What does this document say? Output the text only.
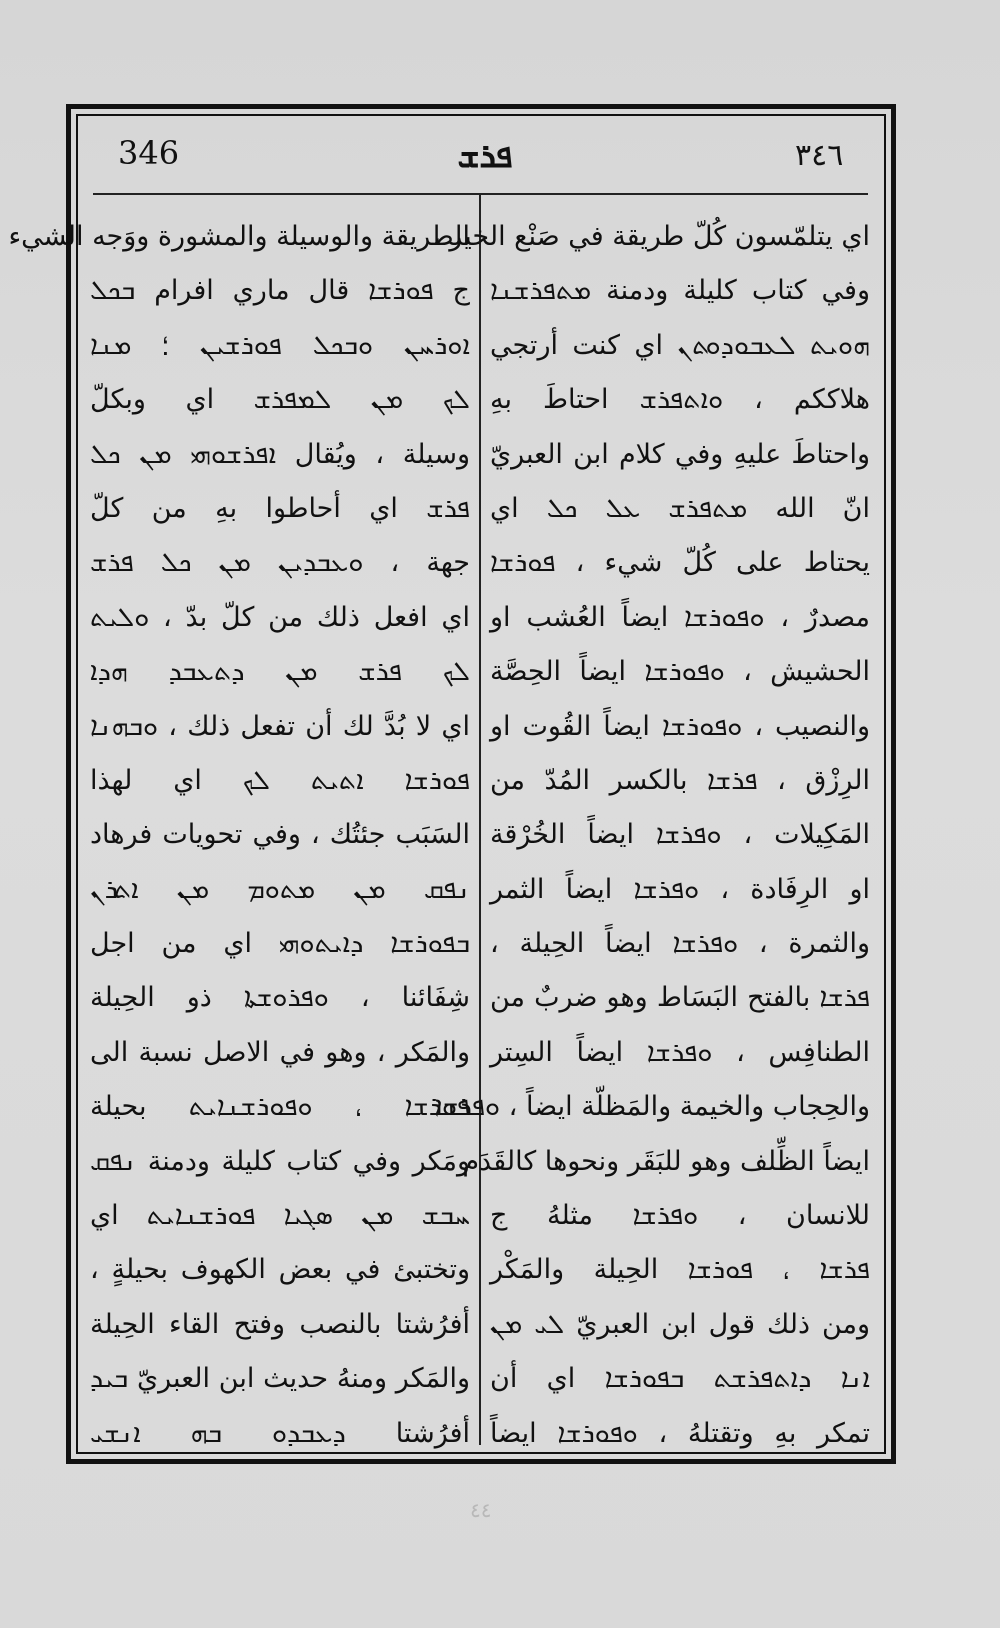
346	ܦܪܫ	٣٤٦
اي يتلمّسون كُلّ طريقة في صَنْع الخير ،
وفي كتاب كليلة ودمنة ܡܬܦܪܫܢܐ
ܗܘܝܬ ܠܥܒܘܕܘܬܢ اي كنت أرتجي
هلاككم ، ܘܐܬܦܪܫ احتاطَ بهِ
واحتاطَ عليهِ وفي كلام ابن العبريّ
انّ الله ܡܬܦܪܫ ܥܠ ܟܠ اي
يحتاط على كُلّ شيء ، ܦܘܪܫܐ
مصدرٌ ، ܘܦܘܪܫܐ ايضاً العُشب او
الحشيش ، ܘܦܘܪܫܐ ايضاً الحِصَّة
والنصيب ، ܘܦܘܪܫܐ ايضاً القُوت او
الرِزْق ، ܦܪܫܐ بالكسر المُدّ من
المَكِيلات ، ܘܦܪܫܐ ايضاً الخُرْقة
او الرِفَادة ، ܘܦܪܫܐ ايضاً الثمر
والثمرة ، ܘܦܪܫܐ ايضاً الحِيلة ،
ܦܪܫܐ بالفتح البَسَاط وهو ضربٌ من
الطنافِس ، ܘܦܪܫܐ ايضاً السِتر
والحِجاب والخيمة والمَظلّة ايضاً ، ܘܦܪܫܐ
ايضاً الظِّلف وهو للبَقَر ونحوها كالقَدَم
للانسان ، ܘܦܪܫܐ مثلهُ ج
ܦܪܫܐ ، ܦܘܪܫܐ الحِيلة والمَكْر
ومن ذلك قول ابن العبريّ ܠܝ ܡܢ
ܐܢܐ ܕܐܬܦܪܫܬ ܒܦܘܪܫܐ اي أن
تمكر بهِ وتقتلهُ ، ܘܦܘܪܫܐ ايضاً
الطريقة والوسيلة والمشورة ووَجه الشيء
ج ܦܘܪܫܐ قال ماري افرام ܒܟܠ
ܐܘܪܚܢ ܘܒܟܠ ܦܘܪܫܝܢ ؛ ܡܢܐ
ܠܟ ܡܢ ܠܡܦܪܫ اي وبكلّ
وسيلة ، ويُقال ܐܦܪܫܘܗܝ ܡܢ ܟܠ
ܦܪܫ اي أحاطوا بهِ من كلّ
جهة ، ܘܥܒܕܝܢ ܡܢ ܟܠ ܦܪܫ
اي افعل ذلك من كلّ بدّ ، ܘܠܝܬ
ܠܟ ܦܪܫ ܡܢ ܕܬܥܒܕ ܗܕܐ
اي لا بُدَّ لك أن تفعل ذلك ، ܘܒܗܢܐ
ܦܘܪܫܐ ܐܬܝܬ ܠܟ اي لهذا
السَبَب جئتُك ، وفي تحويات فرهاد
ܢܦܩ ܡܢ ܡܬܘܡ ܡܢ ܐܬܪܢ
ܒܦܘܪܫܐ ܕܐܝܬܘܗܝ اي من اجل
شِفَائنا ، ܘܦܪܘܫܬܐ ذو الحِيلة
والمَكر ، وهو في الاصل نسبة الى
ܦܘܪܫܐ ، ܘܦܘܪܫܢܐܝܬ بحيلة
ومَكر وفي كتاب كليلة ودمنة ܢܦܩ
ܚܒܫ ܡܢ ܣܓܝܐ ܦܘܪܫܢܐܝܬ اي
وتختبئ في بعض الكهوف بحيلةٍ ،
أفرُشتا بالنصب وفتح القاء الحِيلة
والمَكر ومنهُ حديث ابن العبريّ ܒܝܕ
أفرُشتا ܕܥܒܕܘ ܒܗ ܐܢܫܝ
٤٤
